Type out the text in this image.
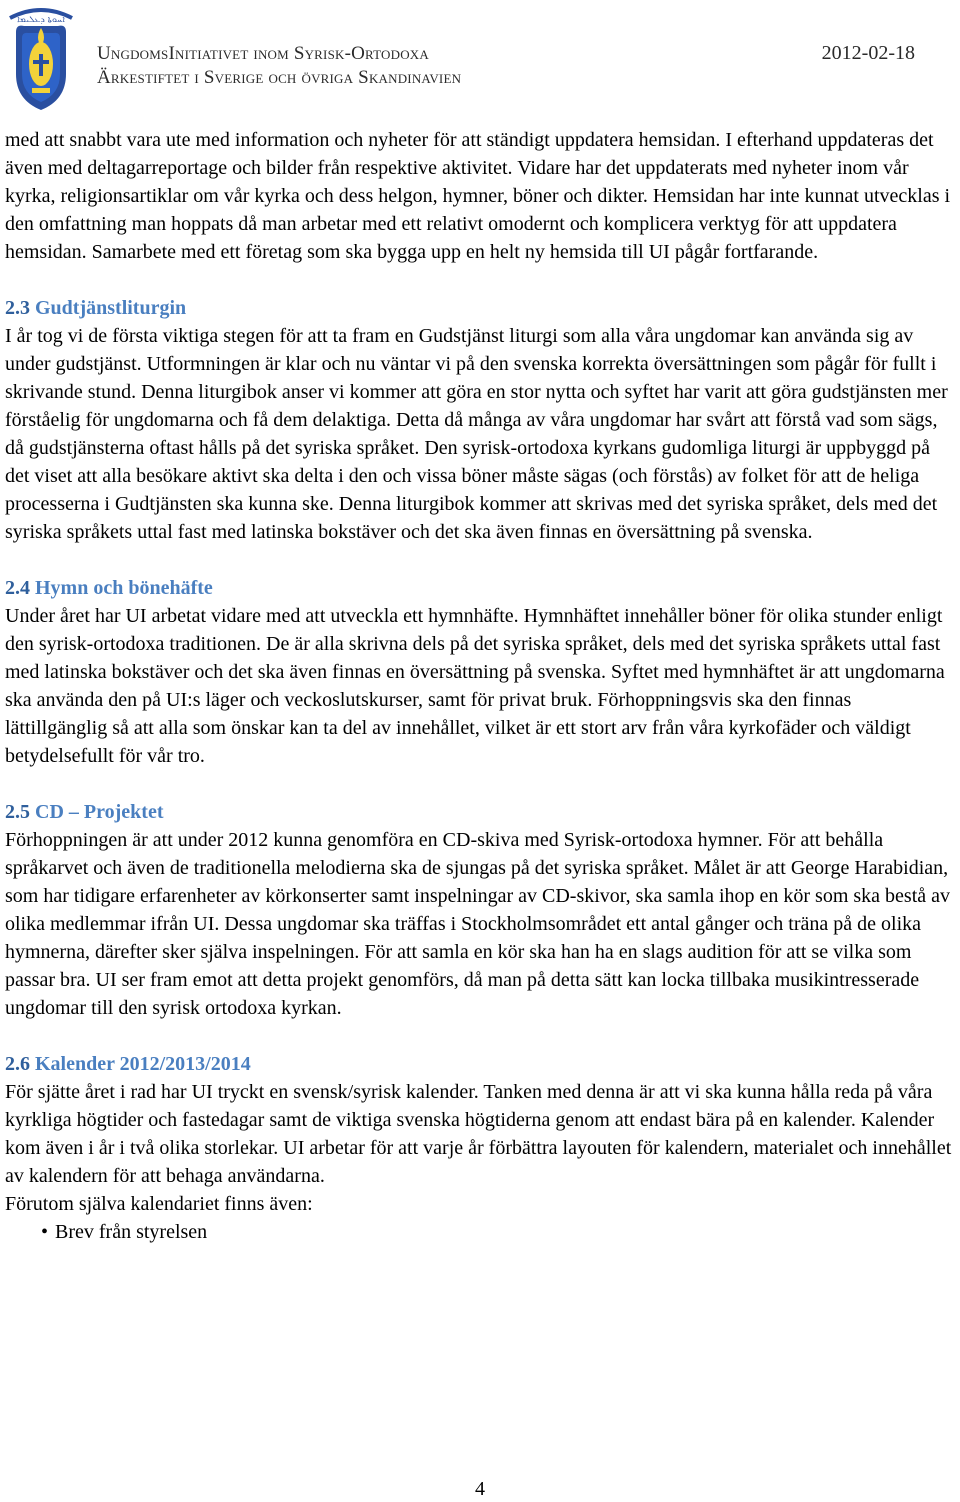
ܐܚܘܬܐ ܕܥܠܝܡܐ
UngdomsInitiativet inom Syrisk-Ortodoxa
Ärkestiftet i Sverige och övriga Skandinavien
2012-02-18

med att snabbt vara ute med information och nyheter för att ständigt uppdatera hemsidan. I efterhand uppdateras det även med deltagarreportage och bilder från respektive aktivitet. Vidare har det uppdaterats med nyheter inom vår kyrka, religionsartiklar om vår kyrka och dess helgon, hymner, böner och dikter. Hemsidan har inte kunnat utvecklas i den omfattning man hoppats då man arbetar med ett relativt omodernt och komplicera verktyg för att uppdatera hemsidan. Samarbete med ett företag som ska bygga upp en helt ny hemsida till UI pågår fortfarande.

2.3 Gudtjänstliturgin

I år tog vi de första viktiga stegen för att ta fram en Gudstjänst liturgi som alla våra ungdomar kan använda sig av under gudstjänst. Utformningen är klar och nu väntar vi på den svenska korrekta översättningen som pågår för fullt i skrivande stund. Denna liturgibok anser vi kommer att göra en stor nytta och syftet har varit att göra gudstjänsten mer förståelig för ungdomarna och få dem delaktiga. Detta då många av våra ungdomar har svårt att förstå vad som sägs, då gudstjänsterna oftast hålls på det syriska språket. Den syrisk-ortodoxa kyrkans gudomliga liturgi är uppbyggd på det viset att alla besökare aktivt ska delta i den och vissa böner måste sägas (och förstås) av folket för att de heliga processerna i Gudtjänsten ska kunna ske. Denna liturgibok kommer att skrivas med det syriska språket, dels med det syriska språkets uttal fast med latinska bokstäver och det ska även finnas en översättning på svenska.

2.4 Hymn och bönehäfte

Under året har UI arbetat vidare med att utveckla ett hymnhäfte. Hymnhäftet innehåller böner för olika stunder enligt den syrisk-ortodoxa traditionen. De är alla skrivna dels på det syriska språket, dels med det syriska språkets uttal fast med latinska bokstäver och det ska även finnas en översättning på svenska. Syftet med hymnhäftet är att ungdomarna ska använda den på UI:s läger och veckoslutskurser, samt för privat bruk. Förhoppningsvis ska den finnas lättillgänglig så att alla som önskar kan ta del av innehållet, vilket är ett stort arv från våra kyrkofäder och väldigt betydelsefullt för vår tro.

2.5 CD – Projektet

Förhoppningen är att under 2012 kunna genomföra en CD-skiva med Syrisk-ortodoxa hymner. För att behålla språkarvet och även de traditionella melodierna ska de sjungas på det syriska språket. Målet är att George Harabidian, som har tidigare erfarenheter av körkonserter samt inspelningar av CD-skivor, ska samla ihop en kör som ska bestå av olika medlemmar ifrån UI. Dessa ungdomar ska träffas i Stockholmsområdet ett antal gånger och träna på de olika hymnerna, därefter sker själva inspelningen. För att samla en kör ska han ha en slags audition för att se vilka som passar bra. UI ser fram emot att detta projekt genomförs, då man på detta sätt kan locka tillbaka musikintresserade ungdomar till den syrisk ortodoxa kyrkan.

2.6 Kalender 2012/2013/2014

För sjätte året i rad har UI tryckt en svensk/syrisk kalender. Tanken med denna är att vi ska kunna hålla reda på våra kyrkliga högtider och fastedagar samt de viktiga svenska högtiderna genom att endast bära på en kalender. Kalender kom även i år i två olika storlekar. UI arbetar för att varje år förbättra layouten för kalendern, materialet och innehållet av kalendern för att behaga användarna.

Förutom själva kalendariet finns även:

• Brev från styrelsen
4
